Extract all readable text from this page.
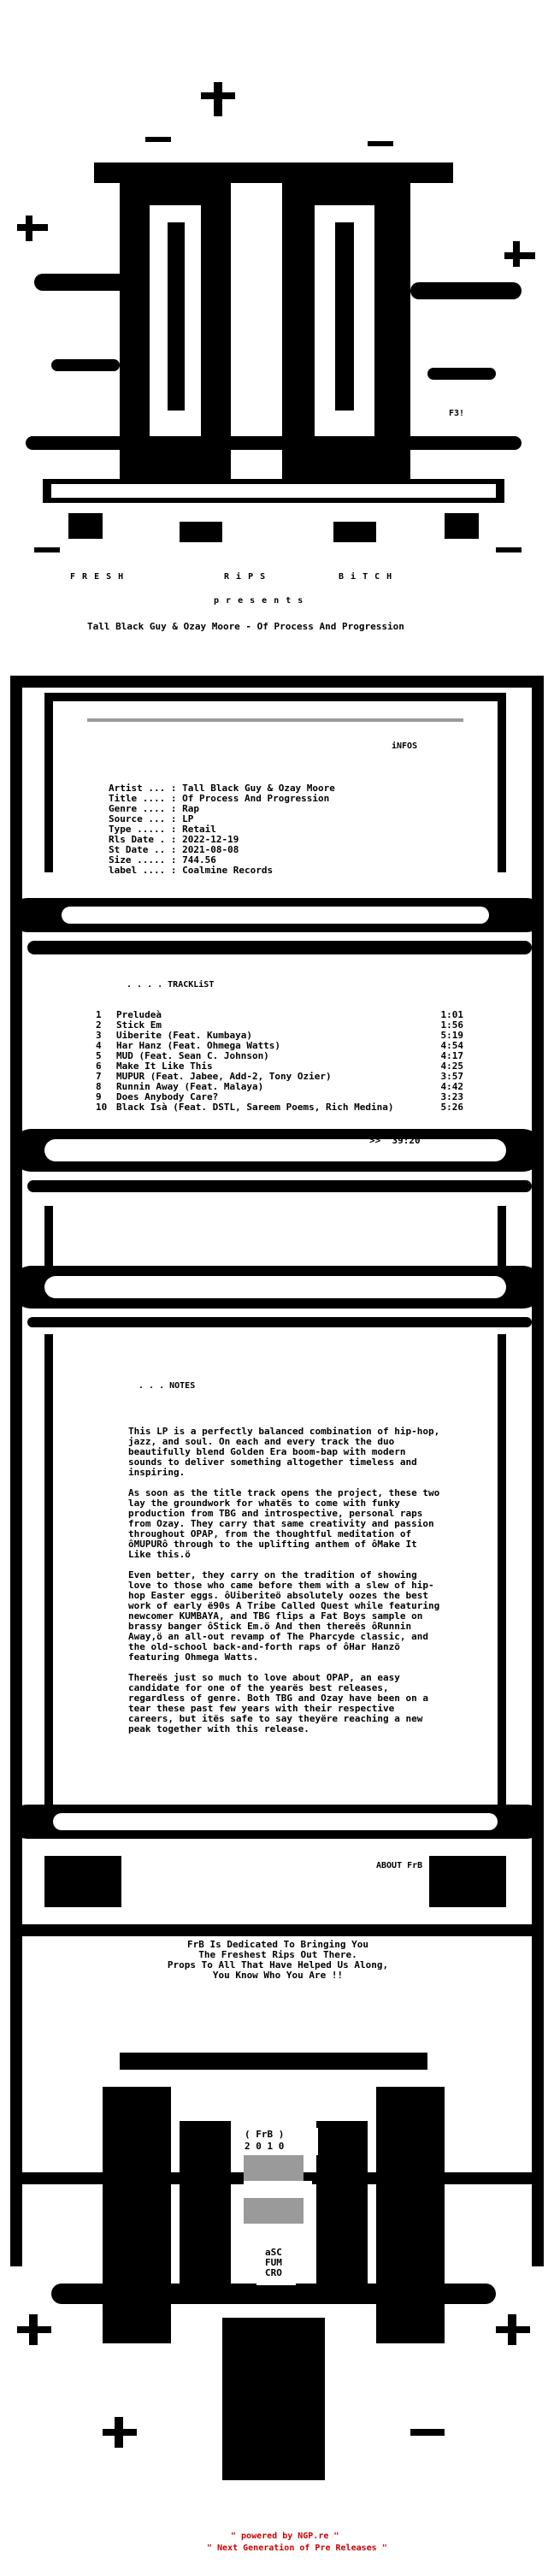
F3!
F R E S H	R i P S	B i T C H
p r e s e n t s
Tall Black Guy & Ozay Moore - Of Process And Progression
iNFOS
Artist ... : Tall Black Guy & Ozay Moore
Title .... : Of Process And Progression
Genre .... : Rap
Source ... : LP
Type ..... : Retail
Rls Date . : 2022-12-19
St Date .. : 2021-08-08
Size ..... : 744.56
label .... : Coalmine Records
. . . . TRACKLiST
1 Preludeà	1:01
2 Stick Em	1:56
3 Uiberite (Feat. Kumbaya)	5:19
4 Har Hanz (Feat. Ohmega Watts)	4:54
5 MUD (Feat. Sean C. Johnson)	4:17
6 Make It Like This	4:25
7 MUPUR (Feat. Jabee, Add-2, Tony Ozier)	3:57
8 Runnin Away (Feat. Malaya)	4:42
9 Does Anybody Care?	3:23
10 Black Isà (Feat. DSTL, Sareem Poems, Rich Medina)	5:26
>>  39:20
. . . NOTES

This LP is a perfectly balanced combination of hip-hop, jazz, and soul. On each and every track the duo beautifully blend Golden Era boom-bap with modern sounds to deliver something altogether timeless and inspiring.

As soon as the title track opens the project, these two lay the groundwork for whatës to come with funky production from TBG and introspective, personal raps from Ozay. They carry that same creativity and passion throughout OPAP, from the thoughtful meditation of ôMUPURô through to the uplifting anthem of ôMake It Like this.ö

Even better, they carry on the tradition of showing love to those who came before them with a slew of hip-hop Easter eggs. ôUiberiteö absolutely oozes the best work of early ë90s A Tribe Called Quest while featuring newcomer KUMBAYA, and TBG flips a Fat Boys sample on brassy banger ôStick Em.ö And then thereës ôRunnin Away,ö an all-out revamp of The Pharcyde classic, and the old-school back-and-forth raps of ôHar Hanzö featuring Ohmega Watts.

Thereës just so much to love about OPAP, an easy candidate for one of the yearës best releases, regardless of genre. Both TBG and Ozay have been on a tear these past few years with their respective careers, but itës safe to say theyëre reaching a new peak together with this release.

ABOUT FrB
FrB Is Dedicated To Bringing You
The Freshest Rips Out There.
Props To All That Have Helped Us Along,
You Know Who You Are !!
( FrB )
2 0 1 0
aSC
FUM
CRO
" powered by NGP.re "
" Next Generation of Pre Releases "
